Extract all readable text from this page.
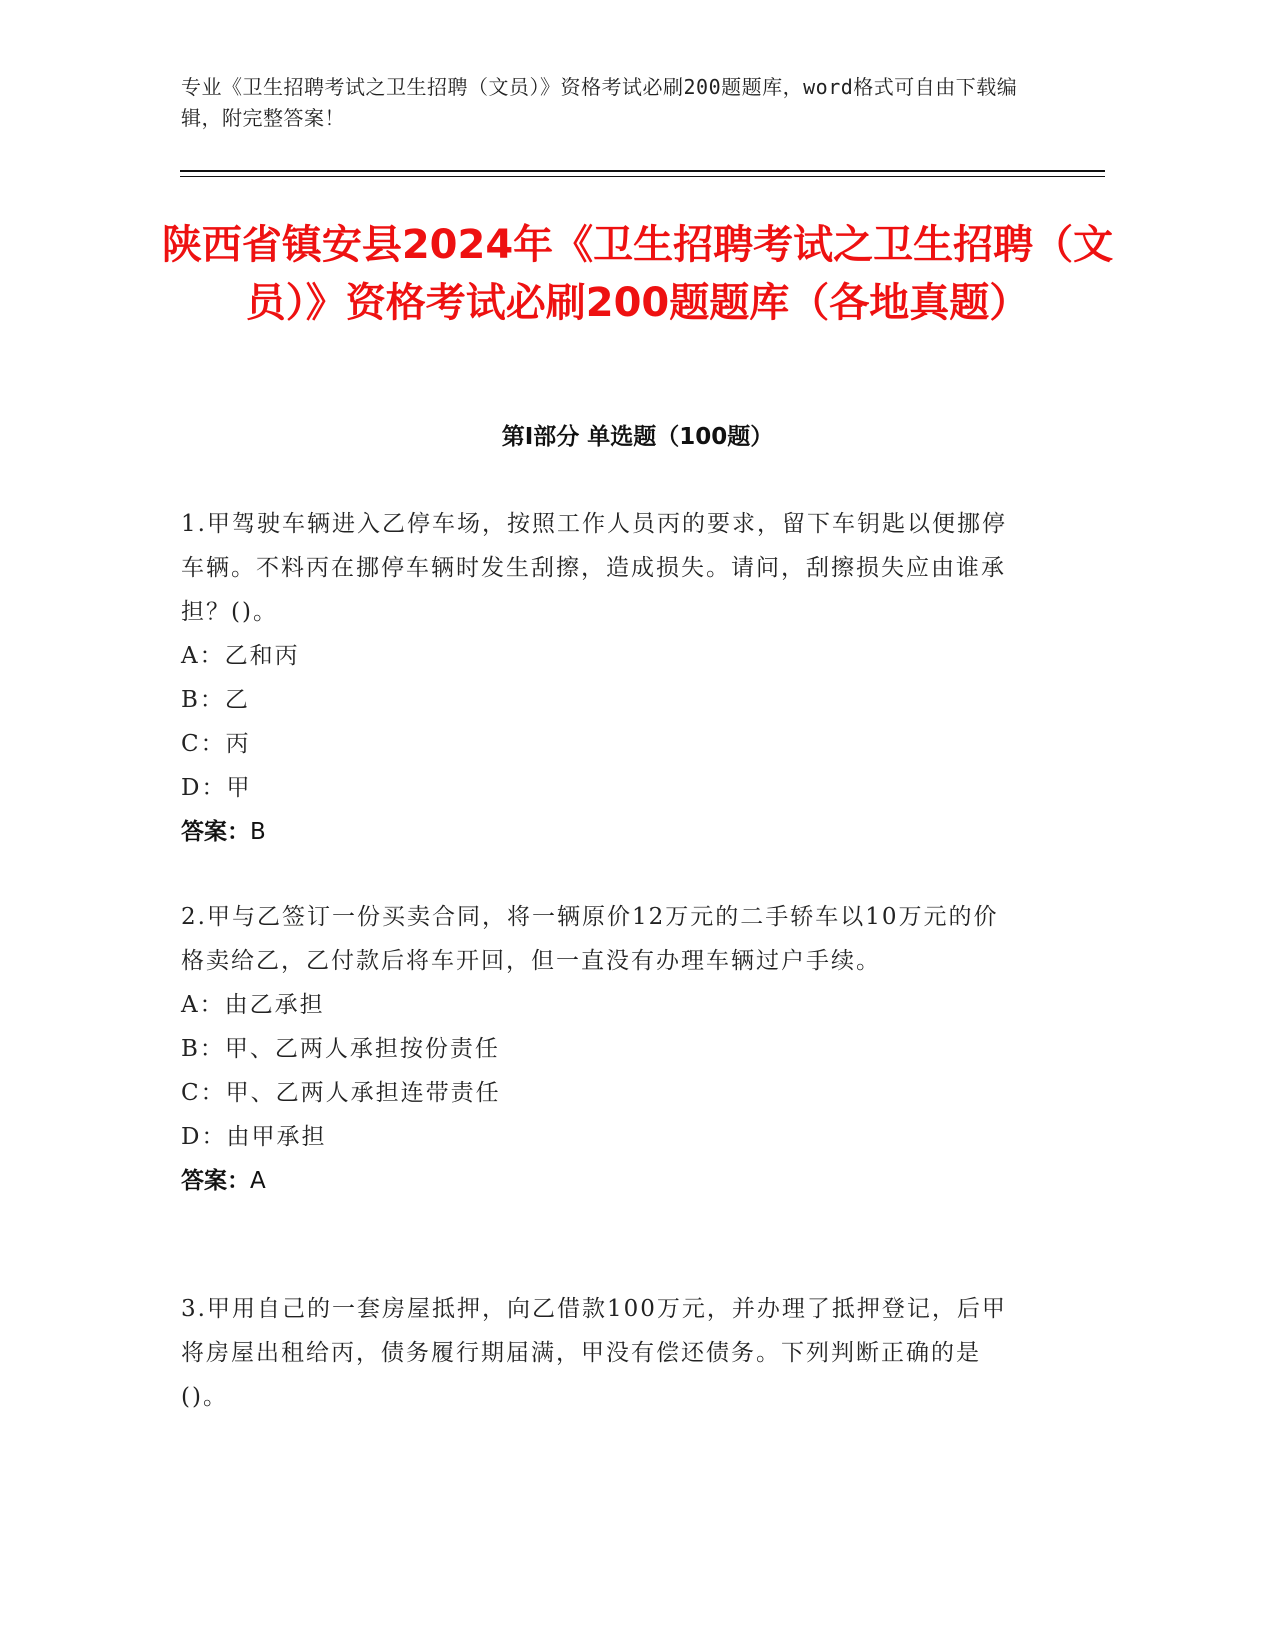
专业《卫生招聘考试之卫生招聘（文员）》资格考试必刷200题题库，word格式可自由下载编辑，附完整答案！
陕西省镇安县2024年《卫生招聘考试之卫生招聘（文员）》资格考试必刷200题题库（各地真题）
第I部分 单选题（100题）

1.甲驾驶车辆进入乙停车场，按照工作人员丙的要求，留下车钥匙以便挪停车辆。不料丙在挪停车辆时发生刮擦，造成损失。请问，刮擦损失应由谁承担？()。

A：乙和丙

B：乙

C：丙

D：甲

答案：B

2.甲与乙签订一份买卖合同，将一辆原价12万元的二手轿车以10万元的价格卖给乙，乙付款后将车开回，但一直没有办理车辆过户手续。

A：由乙承担

B：甲、乙两人承担按份责任

C：甲、乙两人承担连带责任

D：由甲承担

答案：A

3.甲用自己的一套房屋抵押，向乙借款100万元，并办理了抵押登记，后甲将房屋出租给丙，债务履行期届满，甲没有偿还债务。下列判断正确的是()。
